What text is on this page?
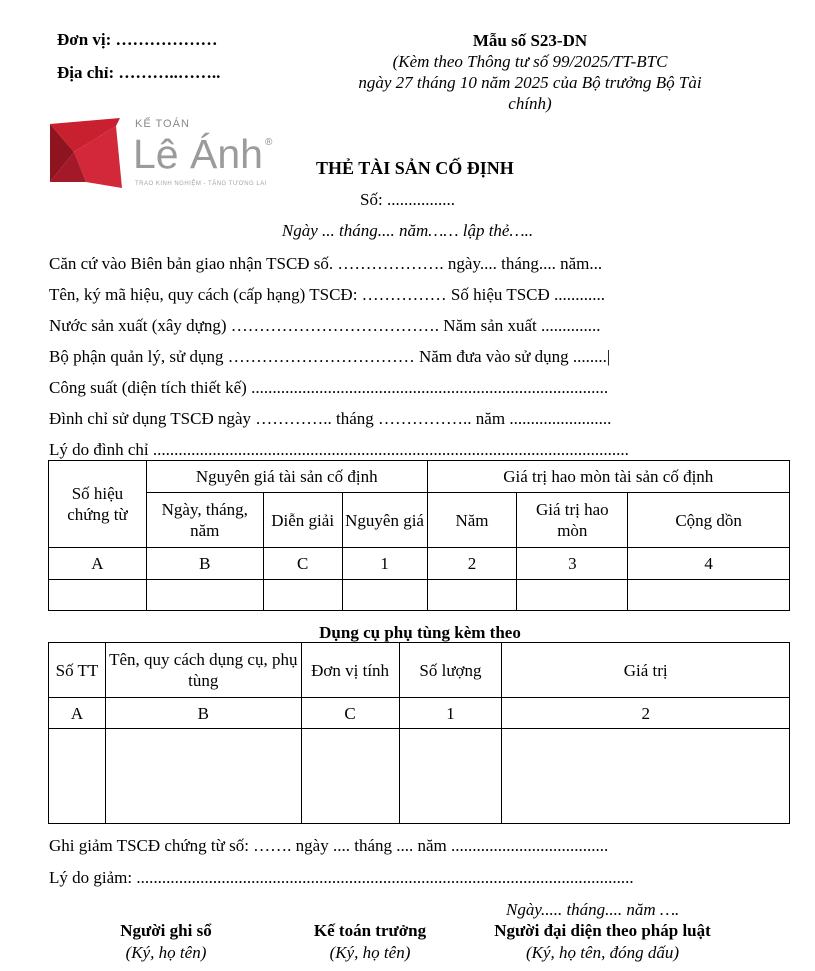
Đơn vị: ………………
Địa chỉ: ………..……..
Mẫu số S23-DN
(Kèm theo Thông tư số 99/2025/TT-BTC
ngày 27 tháng 10 năm 2025 của Bộ trưởng Bộ Tài
chính)
KẾ TOÁN
Lê Ánh ®
TRAO KINH NGHIỆM - TẶNG TƯƠNG LAI
THẺ TÀI SẢN CỐ ĐỊNH
Số: ................
Ngày ... tháng.... năm…… lập thẻ…..
Căn cứ vào Biên bản giao nhận TSCĐ số. ………………. ngày.... tháng.... năm...
Tên, ký mã hiệu, quy cách (cấp hạng) TSCĐ: …………… Số hiệu TSCĐ ............
Nước sản xuất (xây dựng) ………………………………. Năm sản xuất ..............
Bộ phận quản lý, sử dụng …………………………… Năm đưa vào sử dụng ........|
Công suất (diện tích thiết kế) ....................................................................................
Đình chỉ sử dụng TSCĐ ngày ………….. tháng …………….. năm ........................
Lý do đình chỉ ................................................................................................................
Số hiệu chứng từ	Nguyên giá tài sản cố định			Giá trị hao mòn tài sản cố định		
	Ngày, tháng, năm	Diễn giải	Nguyên giá	Năm	Giá trị hao mòn	Cộng dồn
A	B	C	1	2	3	4

Dụng cụ phụ tùng kèm theo
Số TT	Tên, quy cách dụng cụ, phụ tùng	Đơn vị tính	Số lượng	Giá trị
A	B	C	1	2

Ghi giảm TSCĐ chứng từ số: ……. ngày .... tháng .... năm .....................................
Lý do giảm: .....................................................................................................................
Ngày..... tháng.... năm ….
Người ghi sổ
(Ký, họ tên)
Kế toán trưởng
(Ký, họ tên)
Người đại diện theo pháp luật
(Ký, họ tên, đóng dấu)
